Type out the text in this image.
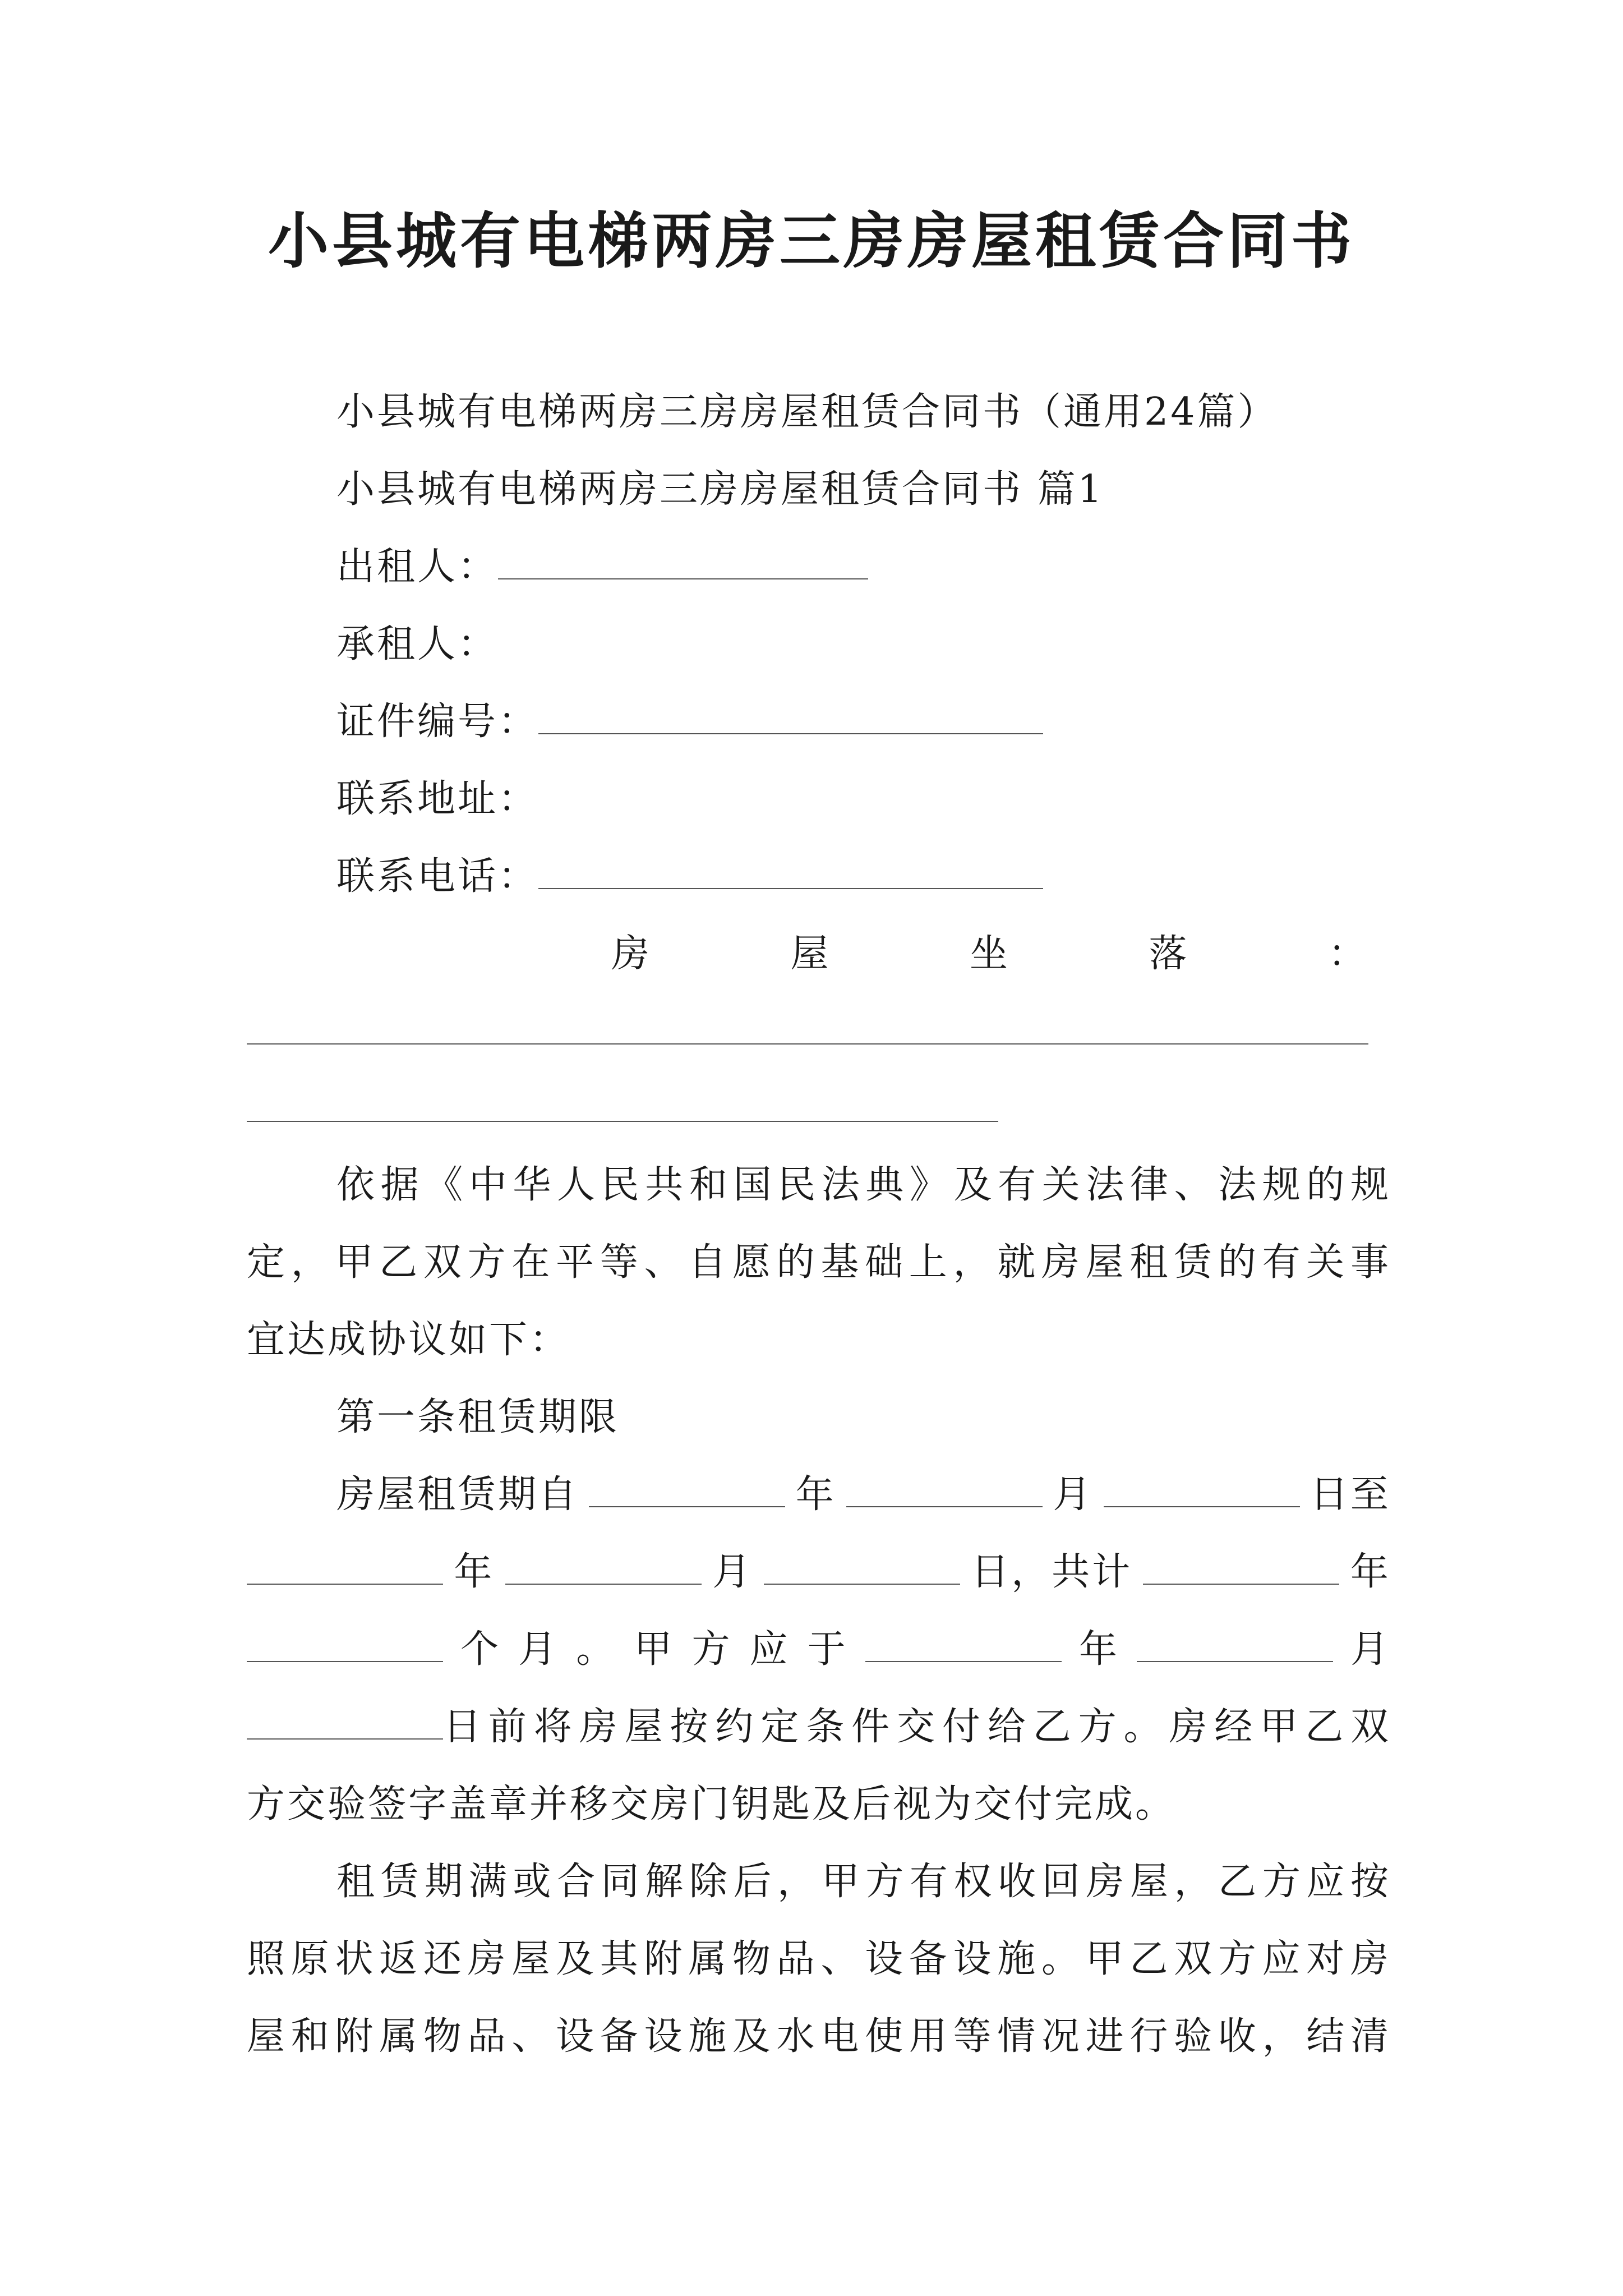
小县城有电梯两房三房房屋租赁合同书
小县城有电梯两房三房房屋租赁合同书（通用24篇）
小县城有电梯两房三房房屋租赁合同书 篇1
出租人：
承租人：
证件编号：
联系地址：
联系电话：
房	屋	坐	落	：
依据《中华人民共和国民法典》及有关法律、法规的规
定，甲乙双方在平等、自愿的基础上，就房屋租赁的有关事
宜达成协议如下：
第一条租赁期限
房屋租赁期自	年	月	日至
年	月	日，共计	年
个 月 。 甲 方 应 于	年	月
日前将房屋按约定条件交付给乙方。房经甲乙双
方交验签字盖章并移交房门钥匙及后视为交付完成。
租赁期满或合同解除后，甲方有权收回房屋，乙方应按
照原状返还房屋及其附属物品、设备设施。甲乙双方应对房
屋和附属物品、设备设施及水电使用等情况进行验收，结清
